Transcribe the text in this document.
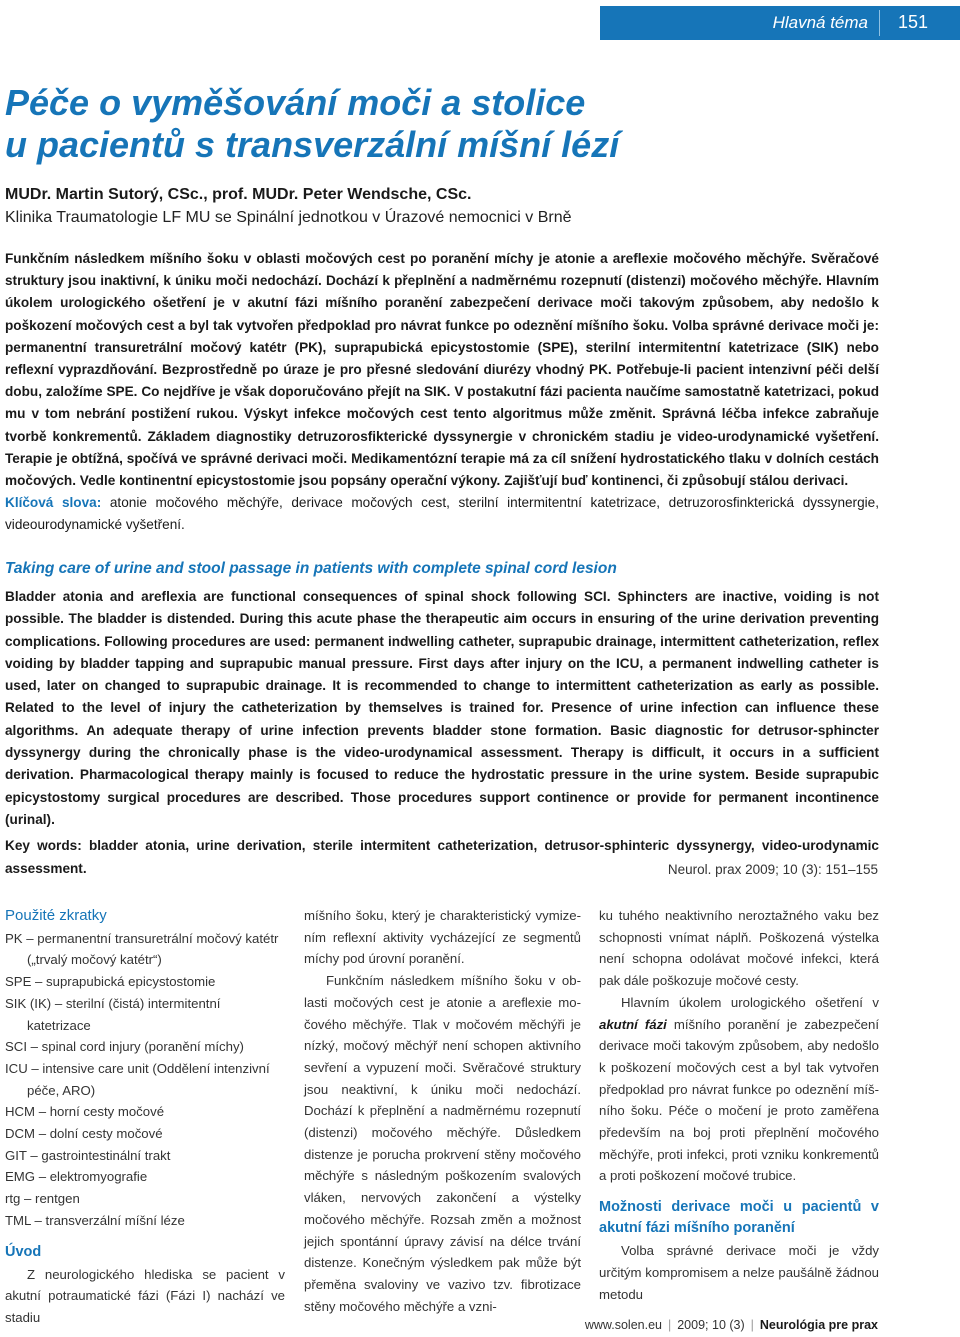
Hlavná téma 151
Péče o vyměšování moči a stolice
u pacientů s transverzální míšní lézí
MUDr. Martin Sutorý, CSc., prof. MUDr. Peter Wendsche, CSc.
Klinika Traumatologie LF MU se Spinální jednotkou v Úrazové nemocnici v Brně
Funkčním následkem míšního šoku v oblasti močových cest po poranění míchy je atonie a areflexie močového měchýře. Svěračové struktury jsou inaktivní, k úniku moči nedochází. Dochází k přeplnění a nadměrnému rozepnutí (distenzi) močového měchýře. Hlavním úkolem urologického ošetření je v akutní fázi míšního poranění zabezpečení derivace moči takovým způsobem, aby nedošlo k poškození močových cest a byl tak vytvořen předpoklad pro návrat funkce po odeznění míšního šoku. Volba správné derivace moči je: permanentní transuretrální močový katétr (PK), suprapubická epicystostomie (SPE), sterilní intermitentní katetrizace (SIK) nebo reflexní vyprazdňování. Bezprostředně po úraze je pro přesné sledování diurézy vhodný PK. Potřebuje-li pacient intenzivní péči delší dobu, založíme SPE. Co nejdříve je však doporučováno přejít na SIK. V postakutní fázi pacienta naučíme samostatně katetrizaci, pokud mu v tom nebrání postižení rukou. Výskyt infekce močových cest tento algoritmus může změnit. Správná léčba infekce zabraňuje tvorbě konkrementů. Základem diagnostiky detruzorosfikterické dyssynergie v chronickém stadiu je video-urodynamické vyšetření. Terapie je obtížná, spočívá ve správné derivaci moči. Medikamentózní terapie má za cíl snížení hydrostatického tlaku v dolních cestách močových. Vedle kontinentní epicystostomie jsou popsány operační výkony. Zajišťují buď kontinenci, či způsobují stálou derivaci.
Klíčová slova: atonie močového měchýře, derivace močových cest, sterilní intermitentní katetrizace, detruzorosfinkterická dyssynergie, videourodynamické vyšetření.
Taking care of urine and stool passage in patients with complete spinal cord lesion
Bladder atonia and areflexia are functional consequences of spinal shock following SCI. Sphincters are inactive, voiding is not possible. The bladder is distended. During this acute phase the therapeutic aim occurs in ensuring of the urine derivation preventing complications. Following procedures are used: permanent indwelling catheter, suprapubic drainage, intermittent catheterization, reflex voiding by bladder tapping and suprapubic manual pressure. First days after injury on the ICU, a permanent indwelling catheter is used, later on changed to suprapubic drainage. It is recommended to change to intermittent catheterization as early as possible. Related to the level of injury the catheterization by themselves is trained for. Presence of urine infection can influence these algorithms. An adequate therapy of urine infection prevents bladder stone formation. Basic diagnostic for detrusor-sphincter dyssynergy during the chronically phase is the video-urodynamical assessment. Therapy is difficult, it occurs in a sufficient derivation. Pharmacological therapy mainly is focused to reduce the hydrostatic pressure in the urine system. Beside suprapubic epicystostomy surgical procedures are described. Those procedures support continence or provide for permanent incontinence (urinal).
Key words: bladder atonia, urine derivation, sterile intermitent catheterization, detrusor-sphinteric dyssynergy, video-urodynamic assessment.	Neurol. prax 2009; 10 (3): 151–155
Použité zkratky

PK – permanentní transuretrální močový katétr („trvalý močový katétr“)

SPE – suprapubická epicystostomie

SIK (IK) – sterilní (čistá) intermitentní katetrizace

SCI – spinal cord injury (poranění míchy)

ICU – intensive care unit (Oddělení intenzivní péče, ARO)

HCM – horní cesty močové

DCM – dolní cesty močové

GIT – gastrointestinální trakt

EMG – elektromyografie

rtg – rentgen

TML – transverzální míšní léze

Úvod

Z neurologického hlediska se pacient v akutní potraumatické fázi (Fázi I) nachází ve stadiu

míšního šoku, který je charakteristický vymizením reflexní aktivity vycházející ze segmentů míchy pod úrovní poranění.

Funkčním následkem míšního šoku v oblasti močových cest je atonie a areflexie močového měchýře. Tlak v močovém měchýři je nízký, močový měchýř není schopen aktivního sevření a vypuzení moči. Svěračové struktury jsou neaktivní, k úniku moči nedochází. Dochází k přeplnění a nadměrnému rozepnutí (distenzi) močového měchýře. Důsledkem distenze je porucha prokrvení stěny močového měchýře s následným poškozením svalových vláken, nervových zakončení a výstelky močového měchýře. Rozsah změn a možnost jejich spontánní úpravy závisí na délce trvání distenze. Konečným výsledkem pak může být přeměna svaloviny ve vazivo tzv. fibrotizace stěny močového měchýře a vzni-

ku tuhého neaktivního neroztažného vaku bez schopnosti vnímat náplň. Poškozená výstelka není schopna odolávat močové infekci, která pak dále poškozuje močové cesty.

Hlavním úkolem urologického ošetření v akutní fázi míšního poranění je zabezpečení derivace moči takovým způsobem, aby nedošlo k poškození močových cest a byl tak vytvořen předpoklad pro návrat funkce po odeznění míšního šoku. Péče o močení je proto zaměřena především na boj proti přeplnění močového měchýře, proti infekci, proti vzniku konkrementů a proti poškození močové trubice.

Možnosti derivace moči u pacientů v akutní fázi míšního poranění

Volba správné derivace moči je vždy určitým kompromisem a nelze paušálně žádnou metodu

www.solen.eu | 2009; 10 (3) | Neurológia pre prax
